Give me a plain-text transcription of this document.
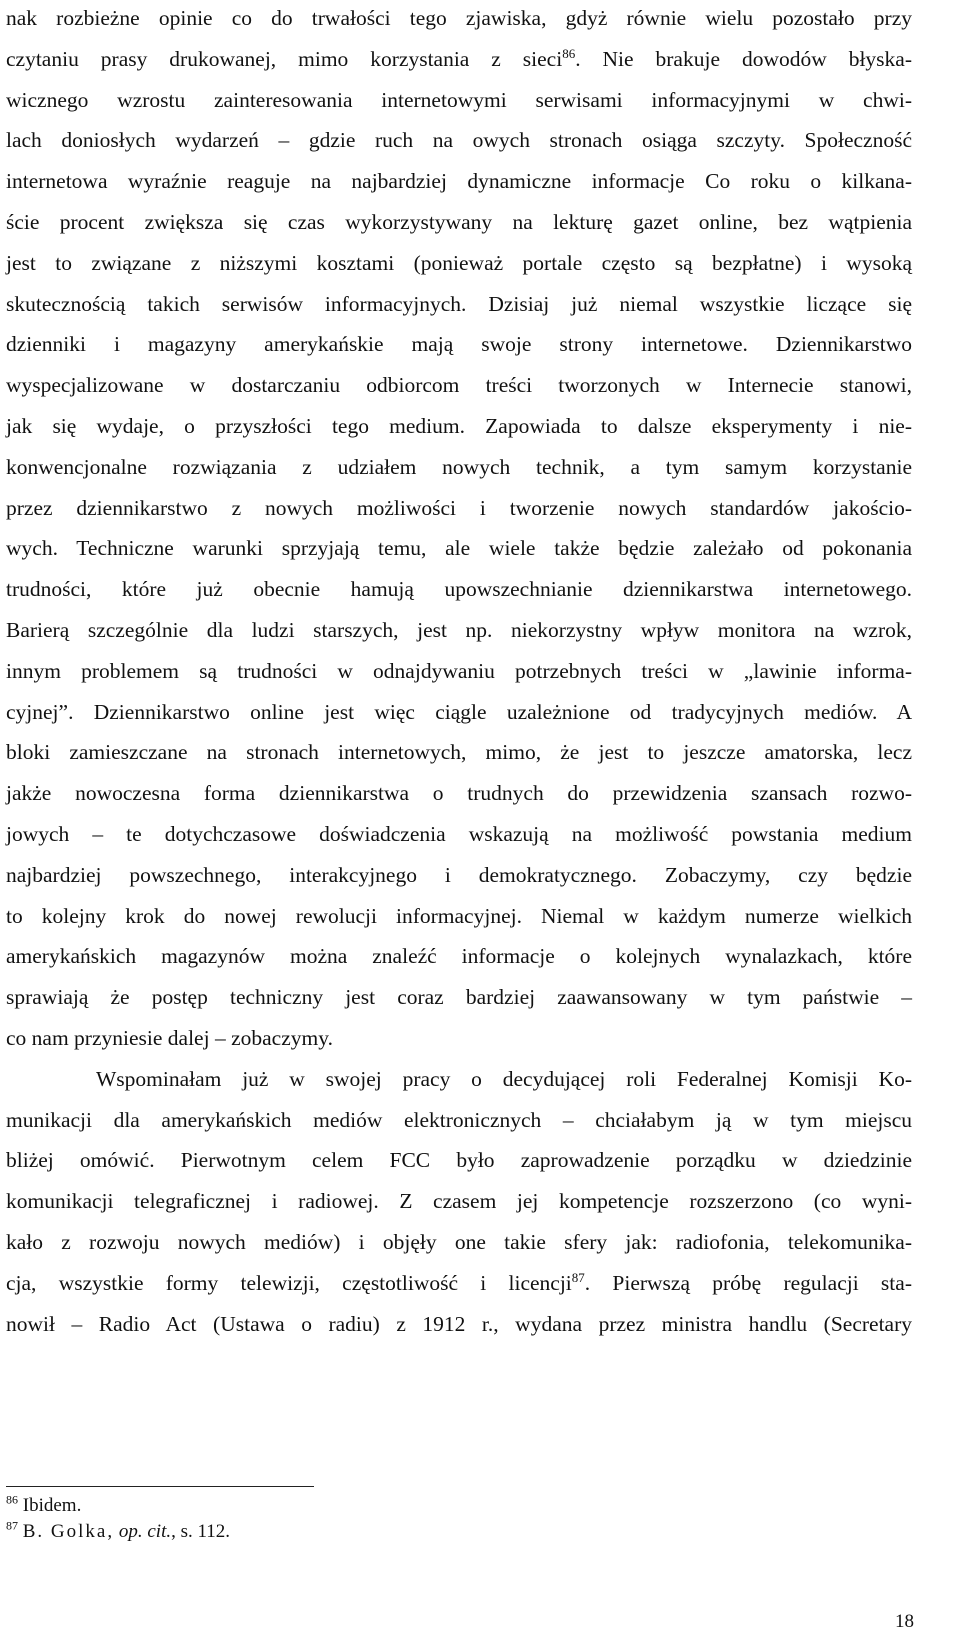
nak rozbieżne opinie co do trwałości tego zjawiska, gdyż równie wielu pozostało przy
czytaniu prasy drukowanej, mimo korzystania z sieci$^{86}$. Nie brakuje dowodów błyska-
wicznego wzrostu zainteresowania internetowymi serwisami informacyjnymi w chwi-
lach doniosłych wydarzeń – gdzie ruch na owych stronach osiąga szczyty. Społeczność
internetowa wyraźnie reaguje na najbardziej dynamiczne informacje Co roku o kilkana-
ście procent zwiększa się czas wykorzystywany na lekturę gazet online, bez wątpienia
jest to związane z niższymi kosztami (ponieważ portale często są bezpłatne) i wysoką
skutecznością takich serwisów informacyjnych. Dzisiaj już niemal wszystkie liczące się
dzienniki i magazyny amerykańskie mają swoje strony internetowe. Dziennikarstwo
wyspecjalizowane w dostarczaniu odbiorcom treści tworzonych w Internecie stanowi,
jak się wydaje, o przyszłości tego medium. Zapowiada to dalsze eksperymenty i nie-
konwencjonalne rozwiązania z udziałem nowych technik, a tym samym korzystanie
przez dziennikarstwo z nowych możliwości i tworzenie nowych standardów jakościo-
wych. Techniczne warunki sprzyjają temu, ale wiele także będzie zależało od pokonania
trudności, które już obecnie hamują upowszechnianie dziennikarstwa internetowego.
Barierą szczególnie dla ludzi starszych, jest np. niekorzystny wpływ monitora na wzrok,
innym problemem są trudności w odnajdywaniu potrzebnych treści w „lawinie informa-
cyjnej”. Dziennikarstwo online jest więc ciągle uzależnione od tradycyjnych mediów. A
bloki zamieszczane na stronach internetowych, mimo, że jest to jeszcze amatorska, lecz
jakże nowoczesna forma dziennikarstwa o trudnych do przewidzenia szansach rozwo-
jowych – te dotychczasowe doświadczenia wskazują na możliwość powstania medium
najbardziej powszechnego, interakcyjnego i demokratycznego. Zobaczymy, czy będzie
to kolejny krok do nowej rewolucji informacyjnej. Niemal w każdym numerze wielkich
amerykańskich magazynów można znaleźć informacje o kolejnych wynalazkach, które
sprawiają że postęp techniczny jest coraz bardziej zaawansowany w tym państwie –
co nam przyniesie dalej – zobaczymy.
Wspominałam już w swojej pracy o decydującej roli Federalnej Komisji Ko-
munikacji dla amerykańskich mediów elektronicznych – chciałabym ją w tym miejscu
bliżej omówić. Pierwotnym celem FCC było zaprowadzenie porządku w dziedzinie
komunikacji telegraficznej i radiowej. Z czasem jej kompetencje rozszerzono (co wyni-
kało z rozwoju nowych mediów) i objęły one takie sfery jak: radiofonia, telekomunika-
cja, wszystkie formy telewizji, częstotliwość i licencji$^{87}$. Pierwszą próbę regulacji sta-
nowił – Radio Act (Ustawa o radiu) z 1912 r., wydana przez ministra handlu (Secretary
$^{86}$ Ibidem.
$^{87}$ B. Golka, op. cit., s. 112.
18
